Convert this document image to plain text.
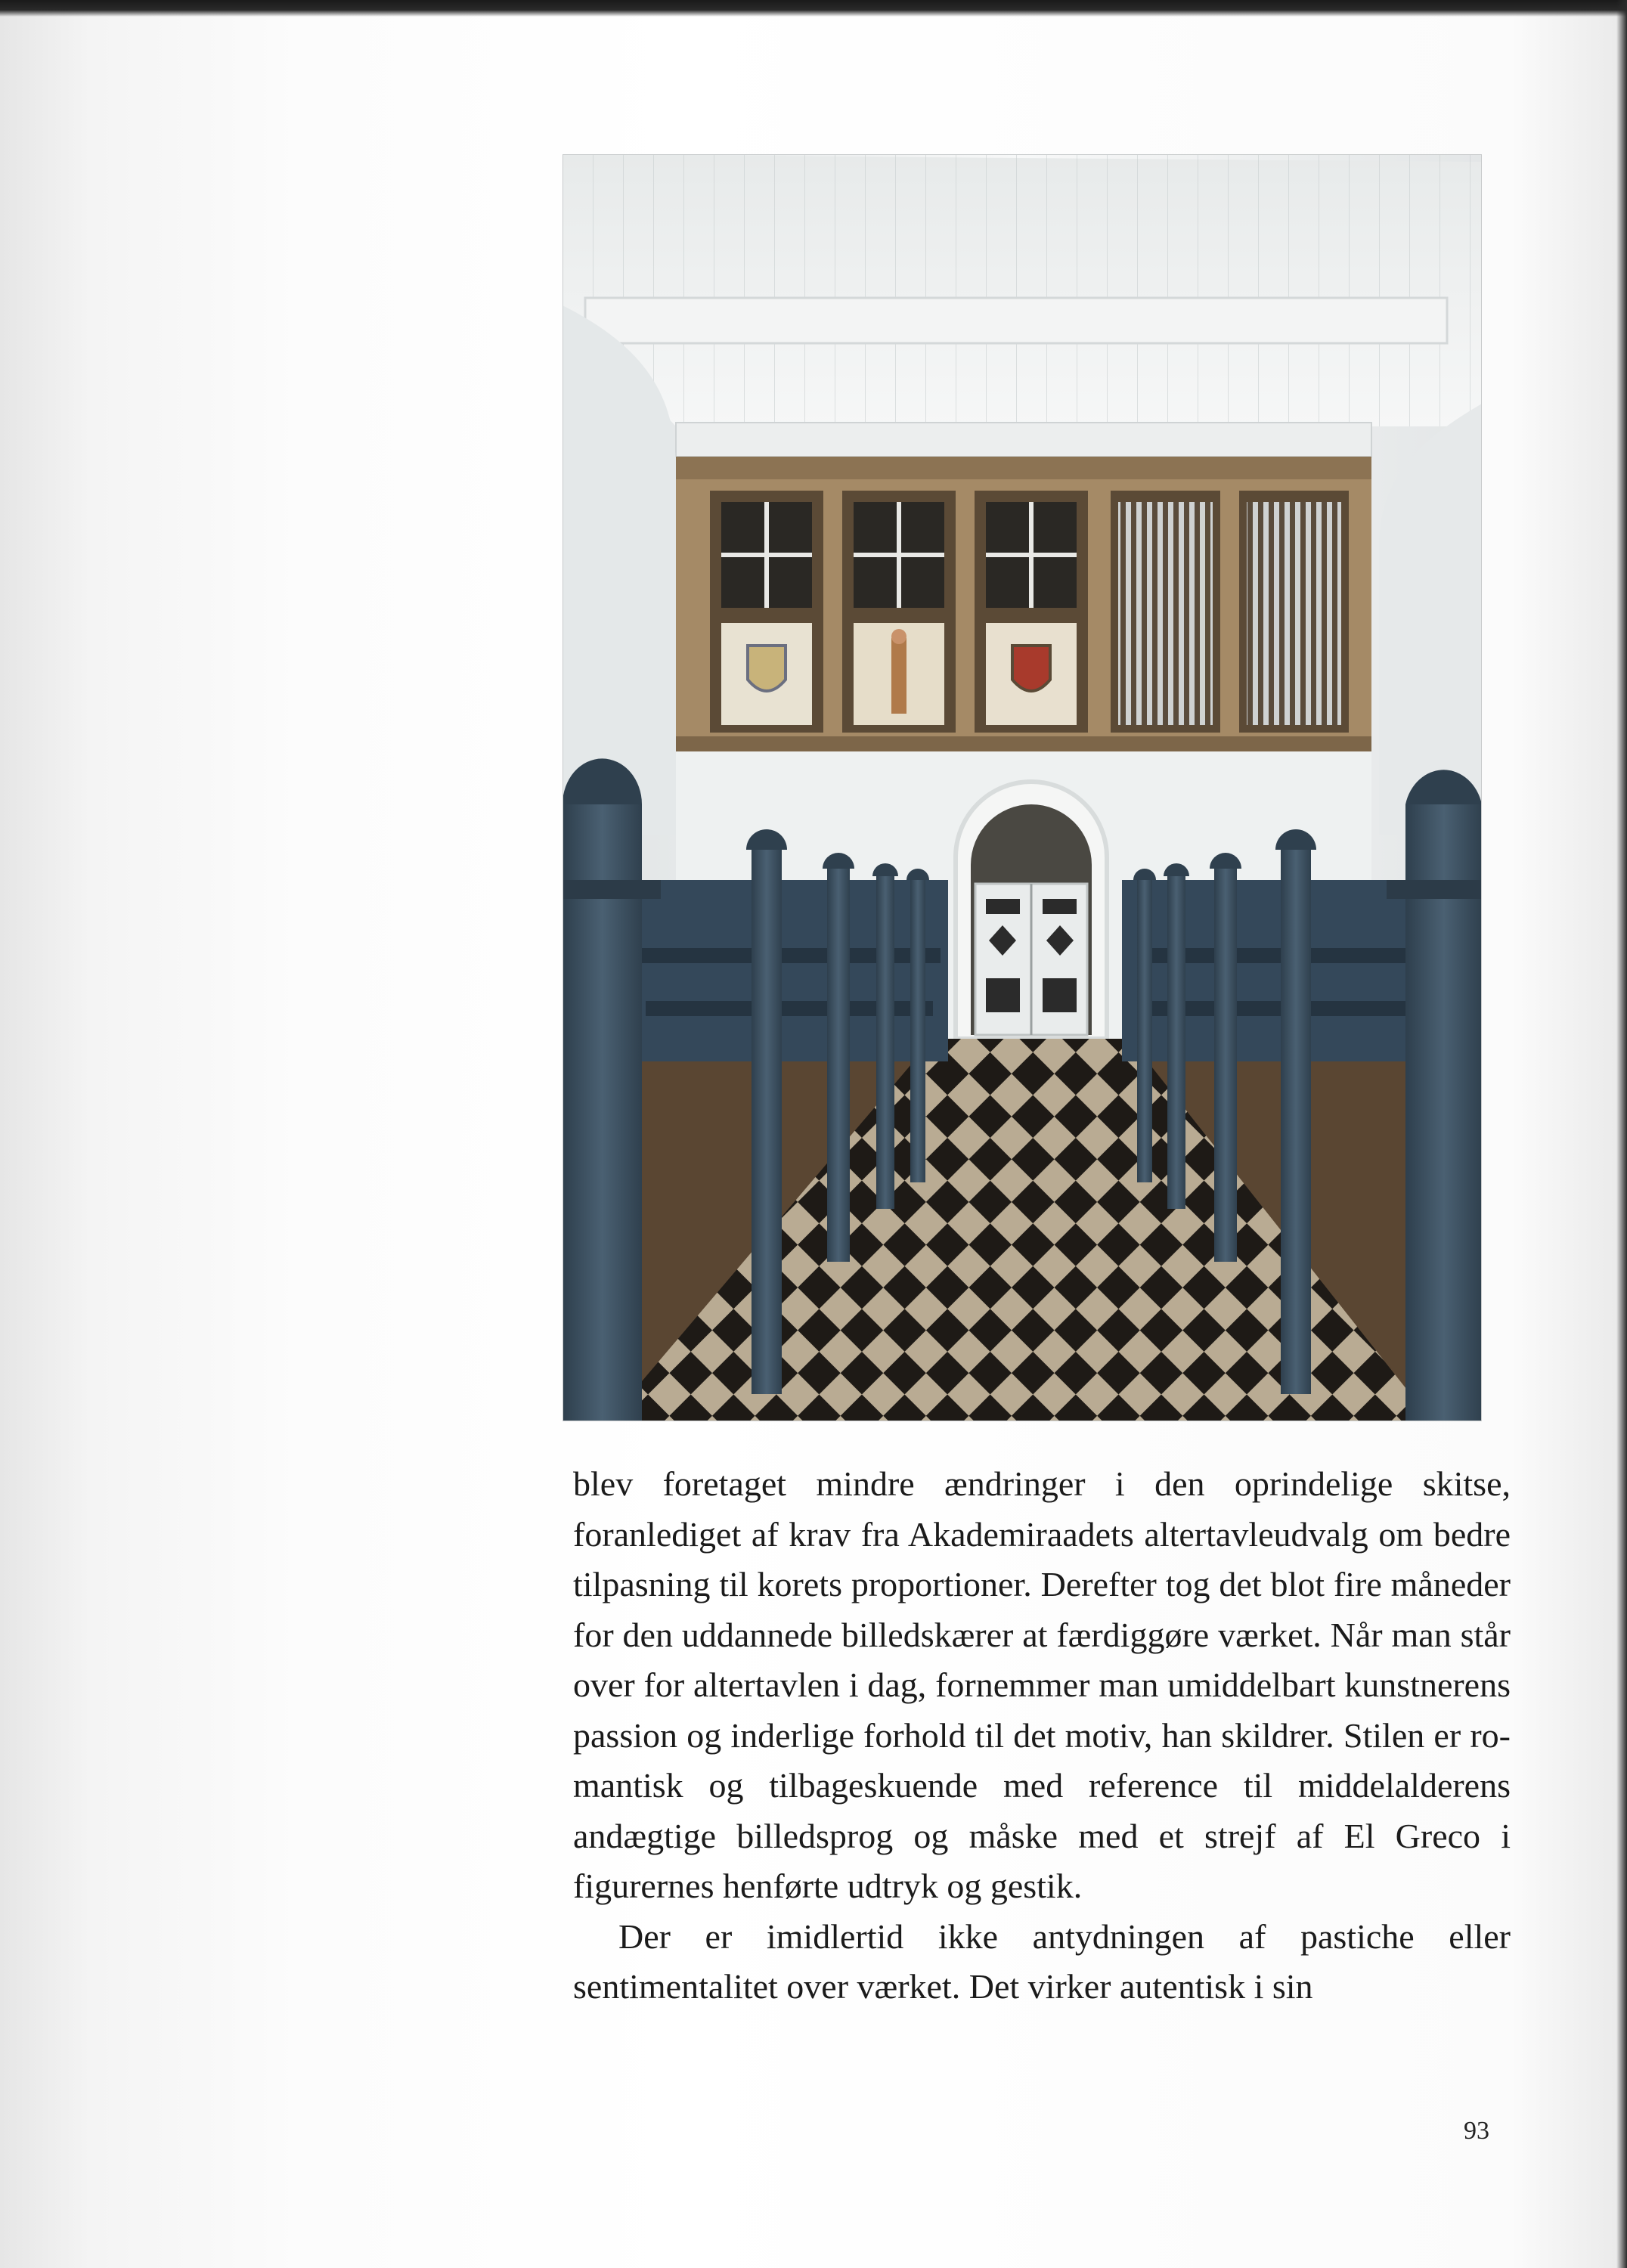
blev foretaget mindre ændringer i den oprindelige skitse, foranlediget af krav fra Akademiraadets altertavleudvalg om bedre tilpasning til korets proportioner. Derefter tog det blot fire måneder for den uddannede billedskærer at færdiggøre værket. Når man står over for altertavlen i dag, fornemmer man umiddelbart kunstnerens passion og inderlige forhold til det motiv, han skildrer. Stilen er romantisk og tilbageskuende med reference til middelalderens andægtige billedsprog og måske med et strejf af El Greco i figurernes henførte udtryk og gestik.

Der er imidlertid ikke antydningen af pastiche eller sentimentalitet over værket. Det virker autentisk i sin

93
